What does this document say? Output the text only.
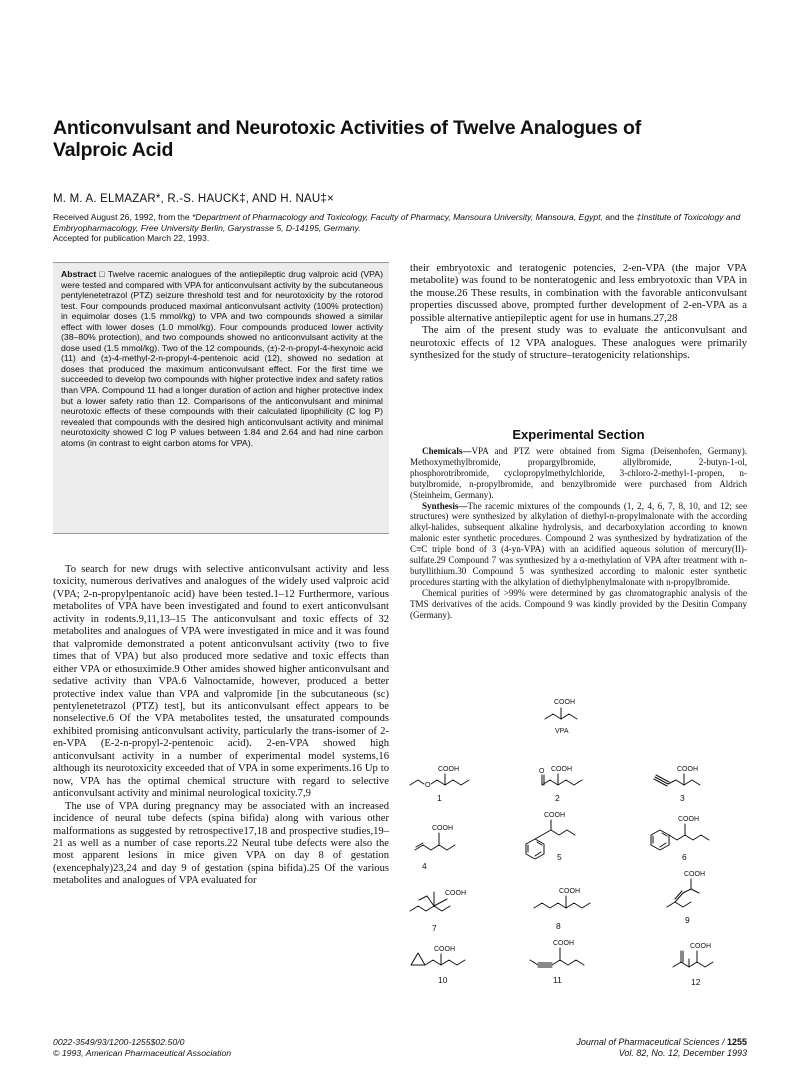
Anticonvulsant and Neurotoxic Activities of Twelve Analogues of Valproic Acid
M. M. A. ELMAZAR*, R.-S. HAUCK‡, AND H. NAU‡×
Received August 26, 1992, from the *Department of Pharmacology and Toxicology, Faculty of Pharmacy, Mansoura University, Mansoura, Egypt, and the ‡Institute of Toxicology and Embryopharmacology, Free University Berlin, Garystrasse 5, D-14195, Germany.
Accepted for publication March 22, 1993.
Abstract □ Twelve racemic analogues of the antiepileptic drug valproic acid (VPA) were tested and compared with VPA for anticonvulsant activity by the subcutaneous pentylenetetrazol (PTZ) seizure threshold test and for neurotoxicity by the rotorod test. Four compounds produced maximal anticonvulsant activity (100% protection) in equimolar doses (1.5 mmol/kg) to VPA and two compounds showed a similar effect with lower doses (1.0 mmol/kg). Four compounds produced lower activity (38–80% protection), and two compounds showed no anticonvulsant activity at the dose used (1.5 mmol/kg). Two of the 12 compounds, (±)-2-n-propyl-4-hexynoic acid (11) and (±)-4-methyl-2-n-propyl-4-pentenoic acid (12), showed no sedation at doses that produced the maximum anticonvulsant effect. For the first time we succeeded to develop two compounds with higher protective index and safety ratios than VPA. Compound 11 had a longer duration of action and higher protective index but a lower safety ratio than 12. Comparisons of the anticonvulsant and minimal neurotoxic effects of these compounds with their calculated lipophilicity (C log P) revealed that compounds with the desired high anticonvulsant activity and minimal neurotoxicity showed C log P values between 1.84 and 2.64 and had nine carbon atoms (in contrast to eight carbon atoms for VPA).

To search for new drugs with selective anticonvulsant activity and less toxicity, numerous derivatives and analogues of the widely used valproic acid (VPA; 2-n-propylpentanoic acid) have been tested.1–12 Furthermore, various metabolites of VPA have been investigated and found to exert anticonvulsant activity in rodents.9,11,13–15 The anticonvulsant and toxic effects of 32 metabolites and analogues of VPA were investigated in mice and it was found that valpromide demonstrated a potent anticonvulsant activity (two to five times that of VPA) but also produced more sedative and toxic effects than either VPA or ethosuximide.9 Other amides showed higher anticonvulsant and sedative activity than VPA.6 Valnoctamide, however, produced a better protective index value than VPA and valpromide [in the subcutaneous (sc) pentylenetetrazol (PTZ) test], but its anticonvulsant effect appears to be nonselective.6 Of the VPA metabolites tested, the unsaturated compounds exhibited promising anticonvulsant activity, particularly the trans-isomer of 2-en-VPA (E-2-n-propyl-2-pentenoic acid). 2-en-VPA showed high anticonvulsant activity in a number of experimental model systems,16 although its neurotoxicity exceeded that of VPA in some experiments.16 Up to now, VPA has the optimal chemical structure with regard to selective anticonvulsant activity and minimal neurological toxicity.7,9

The use of VPA during pregnancy may be associated with an increased incidence of neural tube defects (spina bifida) along with various other malformations as suggested by retrospective17,18 and prospective studies,19–21 as well as a number of case reports.22 Neural tube defects were also the most apparent lesions in mice given VPA on day 8 of gestation (exencephaly)23,24 and day 9 of gestation (spina bifida).25 Of the various metabolites and analogues of VPA evaluated for

their embryotoxic and teratogenic potencies, 2-en-VPA (the major VPA metabolite) was found to be nonteratogenic and less embryotoxic than VPA in the mouse.26 These results, in combination with the favorable anticonvulsant properties discussed above, prompted further development of 2-en-VPA as a possible alternative antiepileptic agent for use in humans.27,28

The aim of the present study was to evaluate the anticonvulsant and neurotoxic effects of 12 VPA analogues. These analogues were primarily synthesized for the study of structure–teratogenicity relationships.

Experimental Section

Chemicals—VPA and PTZ were obtained from Sigma (Deisenhofen, Germany). Methoxymethylbromide, propargylbromide, allylbromide, 2-butyn-1-ol, phosphorotribromide, cyclopropylmethylchloride, 3-chloro-2-methyl-1-propen, n-butylbromide, n-propylbromide, and benzylbromide were purchased from Aldrich (Steinheim, Germany).

Synthesis—The racemic mixtures of the compounds (1, 2, 4, 6, 7, 8, 10, and 12; see structures) were synthesized by alkylation of diethyl-n-propylmalonate with the according alkyl-halides, subsequent alkaline hydrolysis, and decarboxylation according to known malonic ester synthetic procedures. Compound 2 was synthesized by hydratization of the C≡C triple bond of 3 (4-yn-VPA) with an acidified aqueous solution of mercury(II)-sulfate.29 Compound 7 was synthesized by a α-methylation of VPA after treatment with n-butyllithium.30 Compound 5 was synthesized according to malonic ester synthetic procedures starting with the alkylation of diethylphenylmalonate with n-propylbromide.

Chemical purities of >99% were determined by gas chromatographic analysis of the TMS derivatives of the acids. Compound 9 was kindly provided by the Desitin Company (Germany).

COOH
VPA
O
COOH
1
O COOH
2
COOH
3
COOH
4
COOH
5
COOH
6
COOH
7
COOH
8
COOH
9
COOH
10
COOH
11
COOH
12
0022-3549/93/1200-1255$02.50/0
© 1993, American Pharmaceutical Association
Journal of Pharmaceutical Sciences / 1255
Vol. 82, No. 12, December 1993
